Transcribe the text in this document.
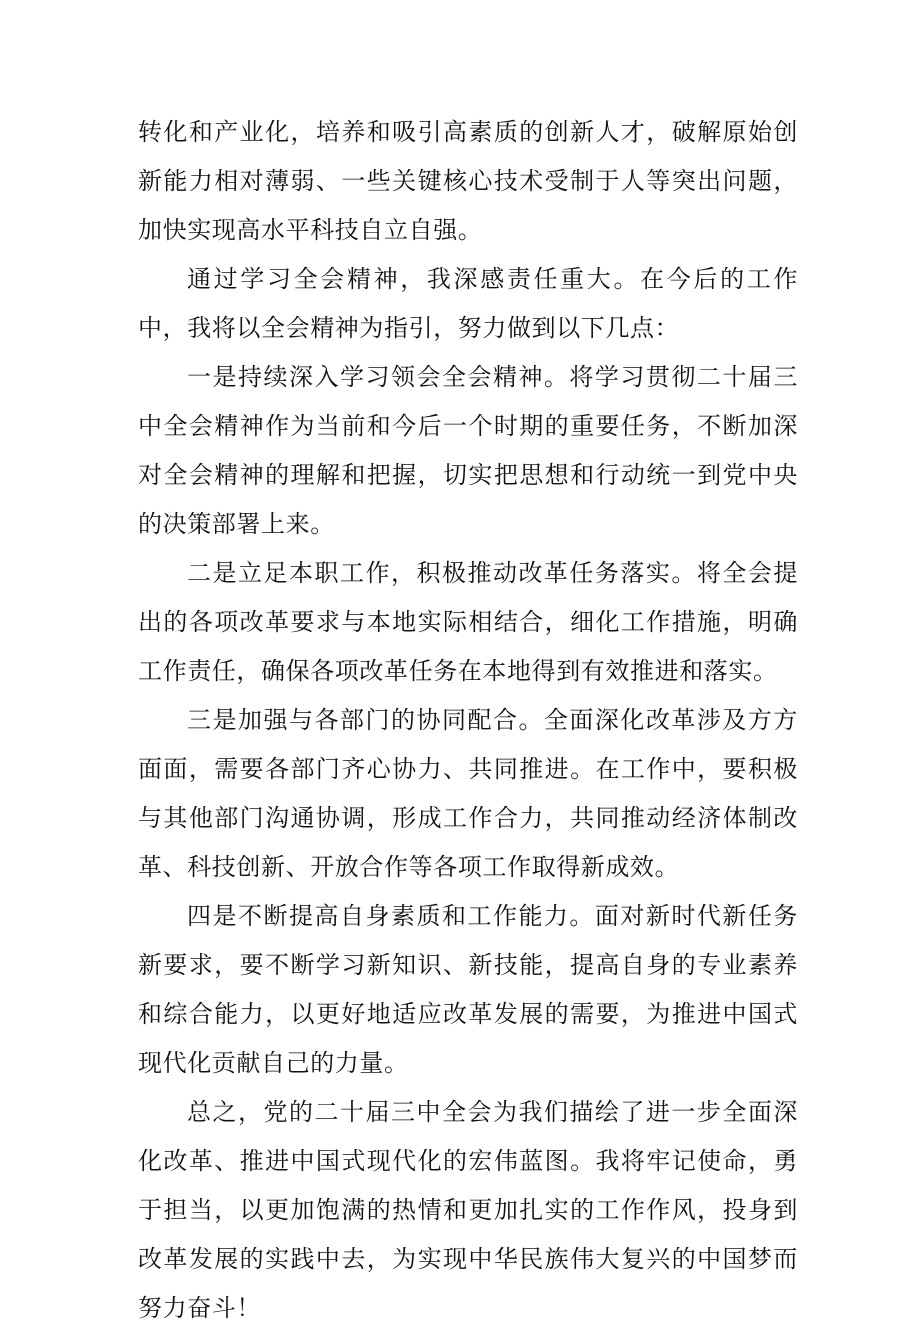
转化和产业化，培养和吸引高素质的创新人才，破解原始创新能力相对薄弱、一些关键核心技术受制于人等突出问题，加快实现高水平科技自立自强。

通过学习全会精神，我深感责任重大。在今后的工作中，我将以全会精神为指引，努力做到以下几点：

一是持续深入学习领会全会精神。将学习贯彻二十届三中全会精神作为当前和今后一个时期的重要任务，不断加深对全会精神的理解和把握，切实把思想和行动统一到党中央的决策部署上来。

二是立足本职工作，积极推动改革任务落实。将全会提出的各项改革要求与本地实际相结合，细化工作措施，明确工作责任，确保各项改革任务在本地得到有效推进和落实。

三是加强与各部门的协同配合。全面深化改革涉及方方面面，需要各部门齐心协力、共同推进。在工作中，要积极与其他部门沟通协调，形成工作合力，共同推动经济体制改革、科技创新、开放合作等各项工作取得新成效。

四是不断提高自身素质和工作能力。面对新时代新任务新要求，要不断学习新知识、新技能，提高自身的专业素养和综合能力，以更好地适应改革发展的需要，为推进中国式现代化贡献自己的力量。

总之，党的二十届三中全会为我们描绘了进一步全面深化改革、推进中国式现代化的宏伟蓝图。我将牢记使命，勇于担当，以更加饱满的热情和更加扎实的工作作风，投身到改革发展的实践中去，为实现中华民族伟大复兴的中国梦而努力奋斗！
